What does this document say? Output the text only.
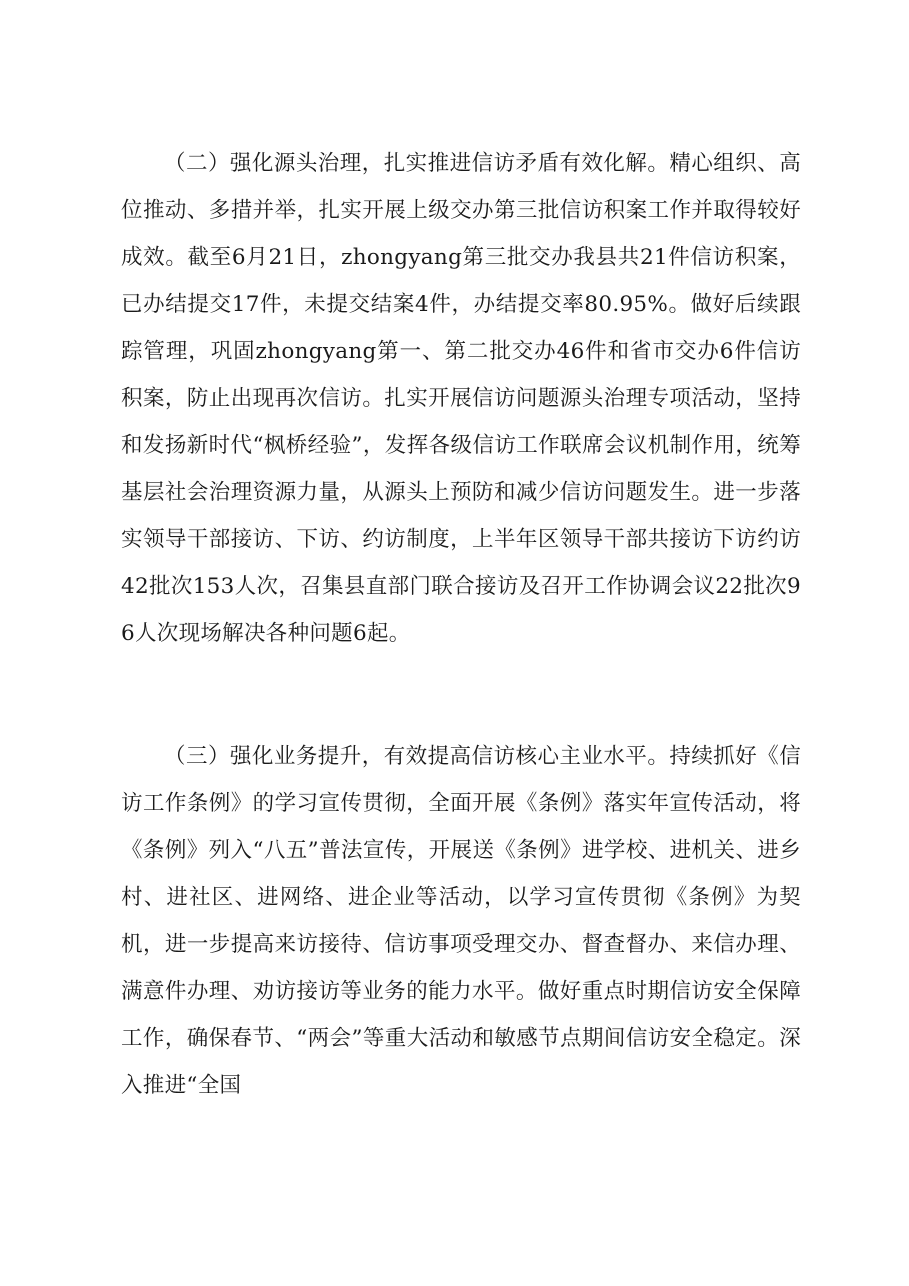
（二）强化源头治理，扎实推进信访矛盾有效化解。精心组织、高位推动、多措并举，扎实开展上级交办第三批信访积案工作并取得较好成效。截至6月21日，zhongyang第三批交办我县共21件信访积案，已办结提交17件，未提交结案4件，办结提交率80.95%。做好后续跟踪管理，巩固zhongyang第一、第二批交办46件和省市交办6件信访积案，防止出现再次信访。扎实开展信访问题源头治理专项活动，坚持和发扬新时代“枫桥经验”，发挥各级信访工作联席会议机制作用，统筹基层社会治理资源力量，从源头上预防和减少信访问题发生。进一步落实领导干部接访、下访、约访制度，上半年区领导干部共接访下访约访42批次153人次，召集县直部门联合接访及召开工作协调会议22批次96人次现场解决各种问题6起。

（三）强化业务提升，有效提高信访核心主业水平。持续抓好《信访工作条例》的学习宣传贯彻，全面开展《条例》落实年宣传活动，将《条例》列入“八五”普法宣传，开展送《条例》进学校、进机关、进乡村、进社区、进网络、进企业等活动，以学习宣传贯彻《条例》为契机，进一步提高来访接待、信访事项受理交办、督查督办、来信办理、满意件办理、劝访接访等业务的能力水平。做好重点时期信访安全保障工作，确保春节、“两会”等重大活动和敏感节点期间信访安全稳定。深入推进“全国
